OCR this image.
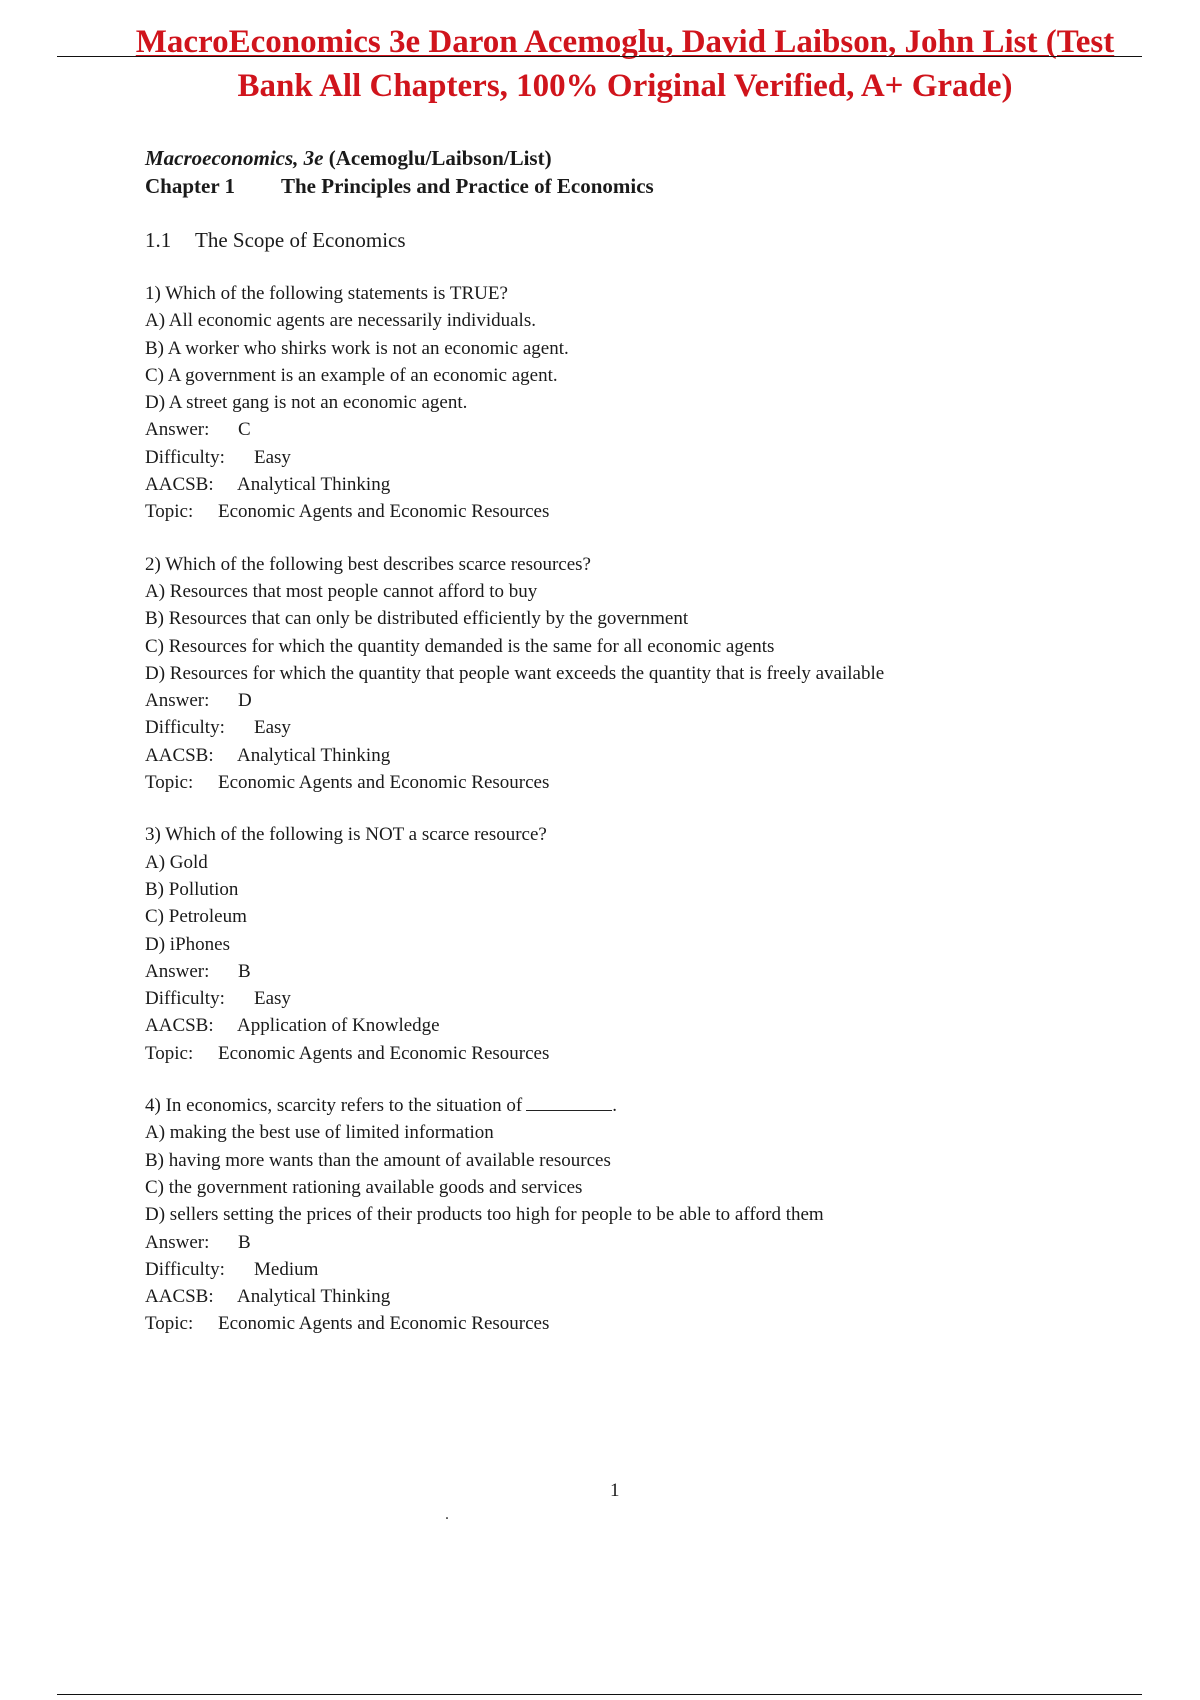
MacroEconomics 3e Daron Acemoglu, David Laibson, John List (Test
Bank All Chapters, 100% Original Verified, A+ Grade)
Macroeconomics, 3e (Acemoglu/Laibson/List)
Chapter 1 The Principles and Practice of Economics
1.1 The Scope of Economics
1) Which of the following statements is TRUE?
A) All economic agents are necessarily individuals.
B) A worker who shirks work is not an economic agent.
C) A government is an example of an economic agent.
D) A street gang is not an economic agent.
Answer: C
Difficulty: Easy
AACSB: Analytical Thinking
Topic: Economic Agents and Economic Resources
2) Which of the following best describes scarce resources?
A) Resources that most people cannot afford to buy
B) Resources that can only be distributed efficiently by the government
C) Resources for which the quantity demanded is the same for all economic agents
D) Resources for which the quantity that people want exceeds the quantity that is freely available
Answer: D
Difficulty: Easy
AACSB: Analytical Thinking
Topic: Economic Agents and Economic Resources
3) Which of the following is NOT a scarce resource?
A) Gold
B) Pollution
C) Petroleum
D) iPhones
Answer: B
Difficulty: Easy
AACSB: Application of Knowledge
Topic: Economic Agents and Economic Resources
4) In economics, scarcity refers to the situation of	.
A) making the best use of limited information
B) having more wants than the amount of available resources
C) the government rationing available goods and services
D) sellers setting the prices of their products too high for people to be able to afford them
Answer: B
Difficulty: Medium
AACSB: Analytical Thinking
Topic: Economic Agents and Economic Resources
1
.
